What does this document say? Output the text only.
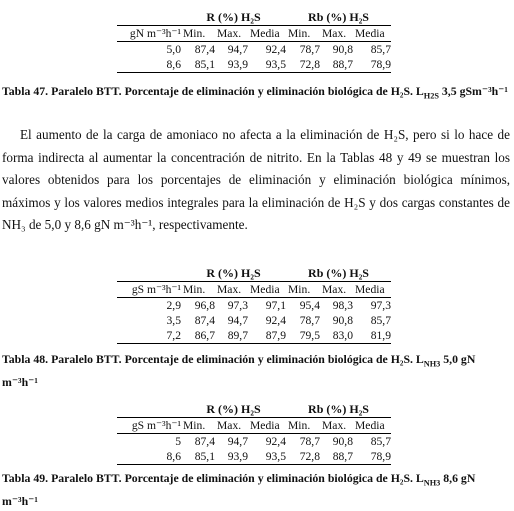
	R (%) H₂S			Rb (%) H₂S		
gN m⁻³h⁻¹	Min.	Max.	Media	Min.	Max.	Media
5,0	87,4	94,7	92,4	78,7	90,8	85,7
8,6	85,1	93,9	93,5	72,8	88,7	78,9
Tabla 47. Paralelo BTT. Porcentaje de eliminación y eliminación biológica de H₂S. $L_{H2S}$ 3,5 gSm⁻³h⁻¹
El aumento de la carga de amoniaco no afecta a la eliminación de H₂S, pero si lo hace de forma indirecta al aumentar la concentración de nitrito. En la Tablas 48 y 49 se muestran los valores obtenidos para los porcentajes de eliminación y eliminación biológica mínimos, máximos y los valores medios integrales para la eliminación de H₂S y dos cargas constantes de NH₃ de 5,0 y 8,6 gN m⁻³h⁻¹, respectivamente.
	R (%) H₂S			Rb (%) H₂S		
gS m⁻³h⁻¹	Min.	Max.	Media	Min.	Max.	Media
2,9	96,8	97,3	97,1	95,4	98,3	97,3
3,5	87,4	94,7	92,4	78,7	90,8	85,7
7,2	86,7	89,7	87,9	79,5	83,0	81,9
Tabla 48. Paralelo BTT. Porcentaje de eliminación y eliminación biológica de H₂S. $L_{NH3}$ 5,0 gN m⁻³h⁻¹
	R (%) H₂S			Rb (%) H₂S		
gS m⁻³h⁻¹	Min.	Max.	Media	Min.	Max.	Media
5	87,4	94,7	92,4	78,7	90,8	85,7
8,6	85,1	93,9	93,5	72,8	88,7	78,9
Tabla 49. Paralelo BTT. Porcentaje de eliminación y eliminación biológica de H₂S. $L_{NH3}$ 8,6 gN m⁻³h⁻¹
